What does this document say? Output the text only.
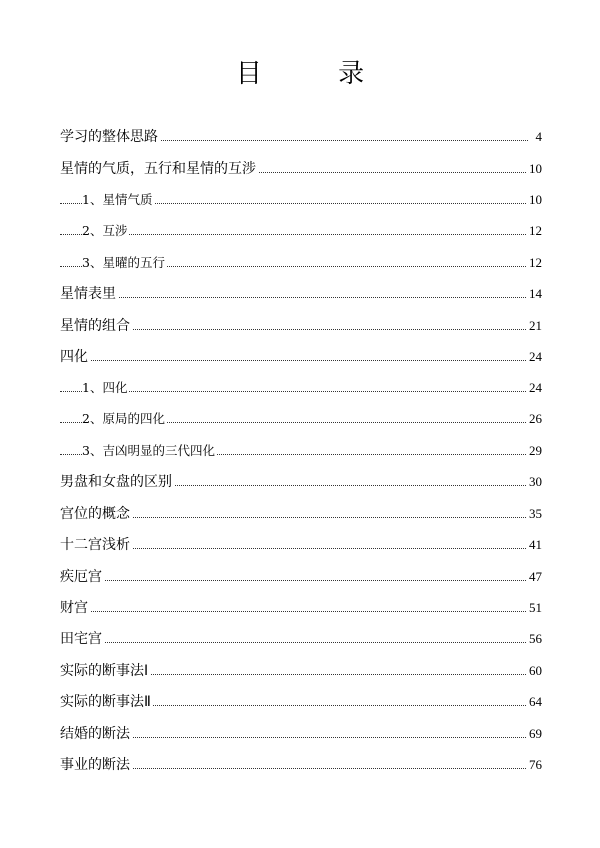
目 录
学习的整体思路	4
星情的气质，五行和星情的互涉	10
1、星情气质	10
2、互涉	12
3、星曜的五行	12
星情表里	14
星情的组合	21
四化	24
1、四化	24
2、原局的四化	26
3、吉凶明显的三代四化	29
男盘和女盘的区别	30
宫位的概念	35
十二宫浅析	41
疾厄宫	47
财宫	51
田宅宫	56
实际的断事法Ⅰ	60
实际的断事法Ⅱ	64
结婚的断法	69
事业的断法	76
